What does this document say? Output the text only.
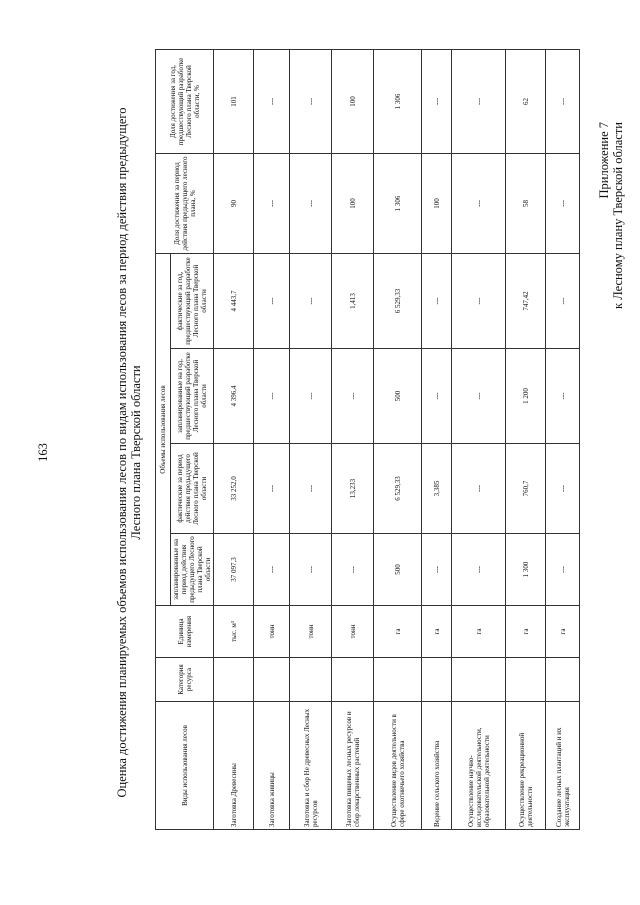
163
Приложение 7 к Лесному плану Тверской области
Оценка достижения планируемых объемов использования лесов по видам использования лесов за период действия предыдущего Лесного плана Тверской области
Виды использования лесов	Категория ресурса	Единица измерения	Объемы использования лесов				Доля достижения за период действия предыдущего лесного плана, %	Доля достижения за год, предшествующий разработке Лесного плана Тверской области, %
			запланированные на период действия предыдущего Лесного плана Тверской области	фактические за период действия предыдущего Лесного плана Тверской области	запланированные на год, предшествующий разработке Лесного плана Тверской области	фактические за год, предшествующий разработке Лесного плана Тверской области		
Заготовка Древесины		тыс. м³	37 097,3	33 252,0	4 396,4	4 443,7	90	101
Заготовка живицы		тонн	---	---	---	---	---	---
Заготовка и сбор Не древесных Лесных ресурсов		тонн	---	---	---	---	---	---
Заготовка пищевых лесных ресурсов и сбор лекарственных растений		тонн	---	13,233	---	1,413	100	100
Осуществление видов деятельности в сфере охотничьего хозяйства		га	500	6 529,33	500	6 529,33	1 306	1 306
Ведение сельского хозяйства		га	---	3,385	---	---	100	---
Осуществление научно-исследовательской деятельности, образовательной деятельности		га	---	---	---	---	---	---
Осуществление рекреационной деятельности		га	1 300	760,7	1 200	747,42	58	62
Создание лесных плантаций и их эксплуатация		га	---	---	---	---	---	---
